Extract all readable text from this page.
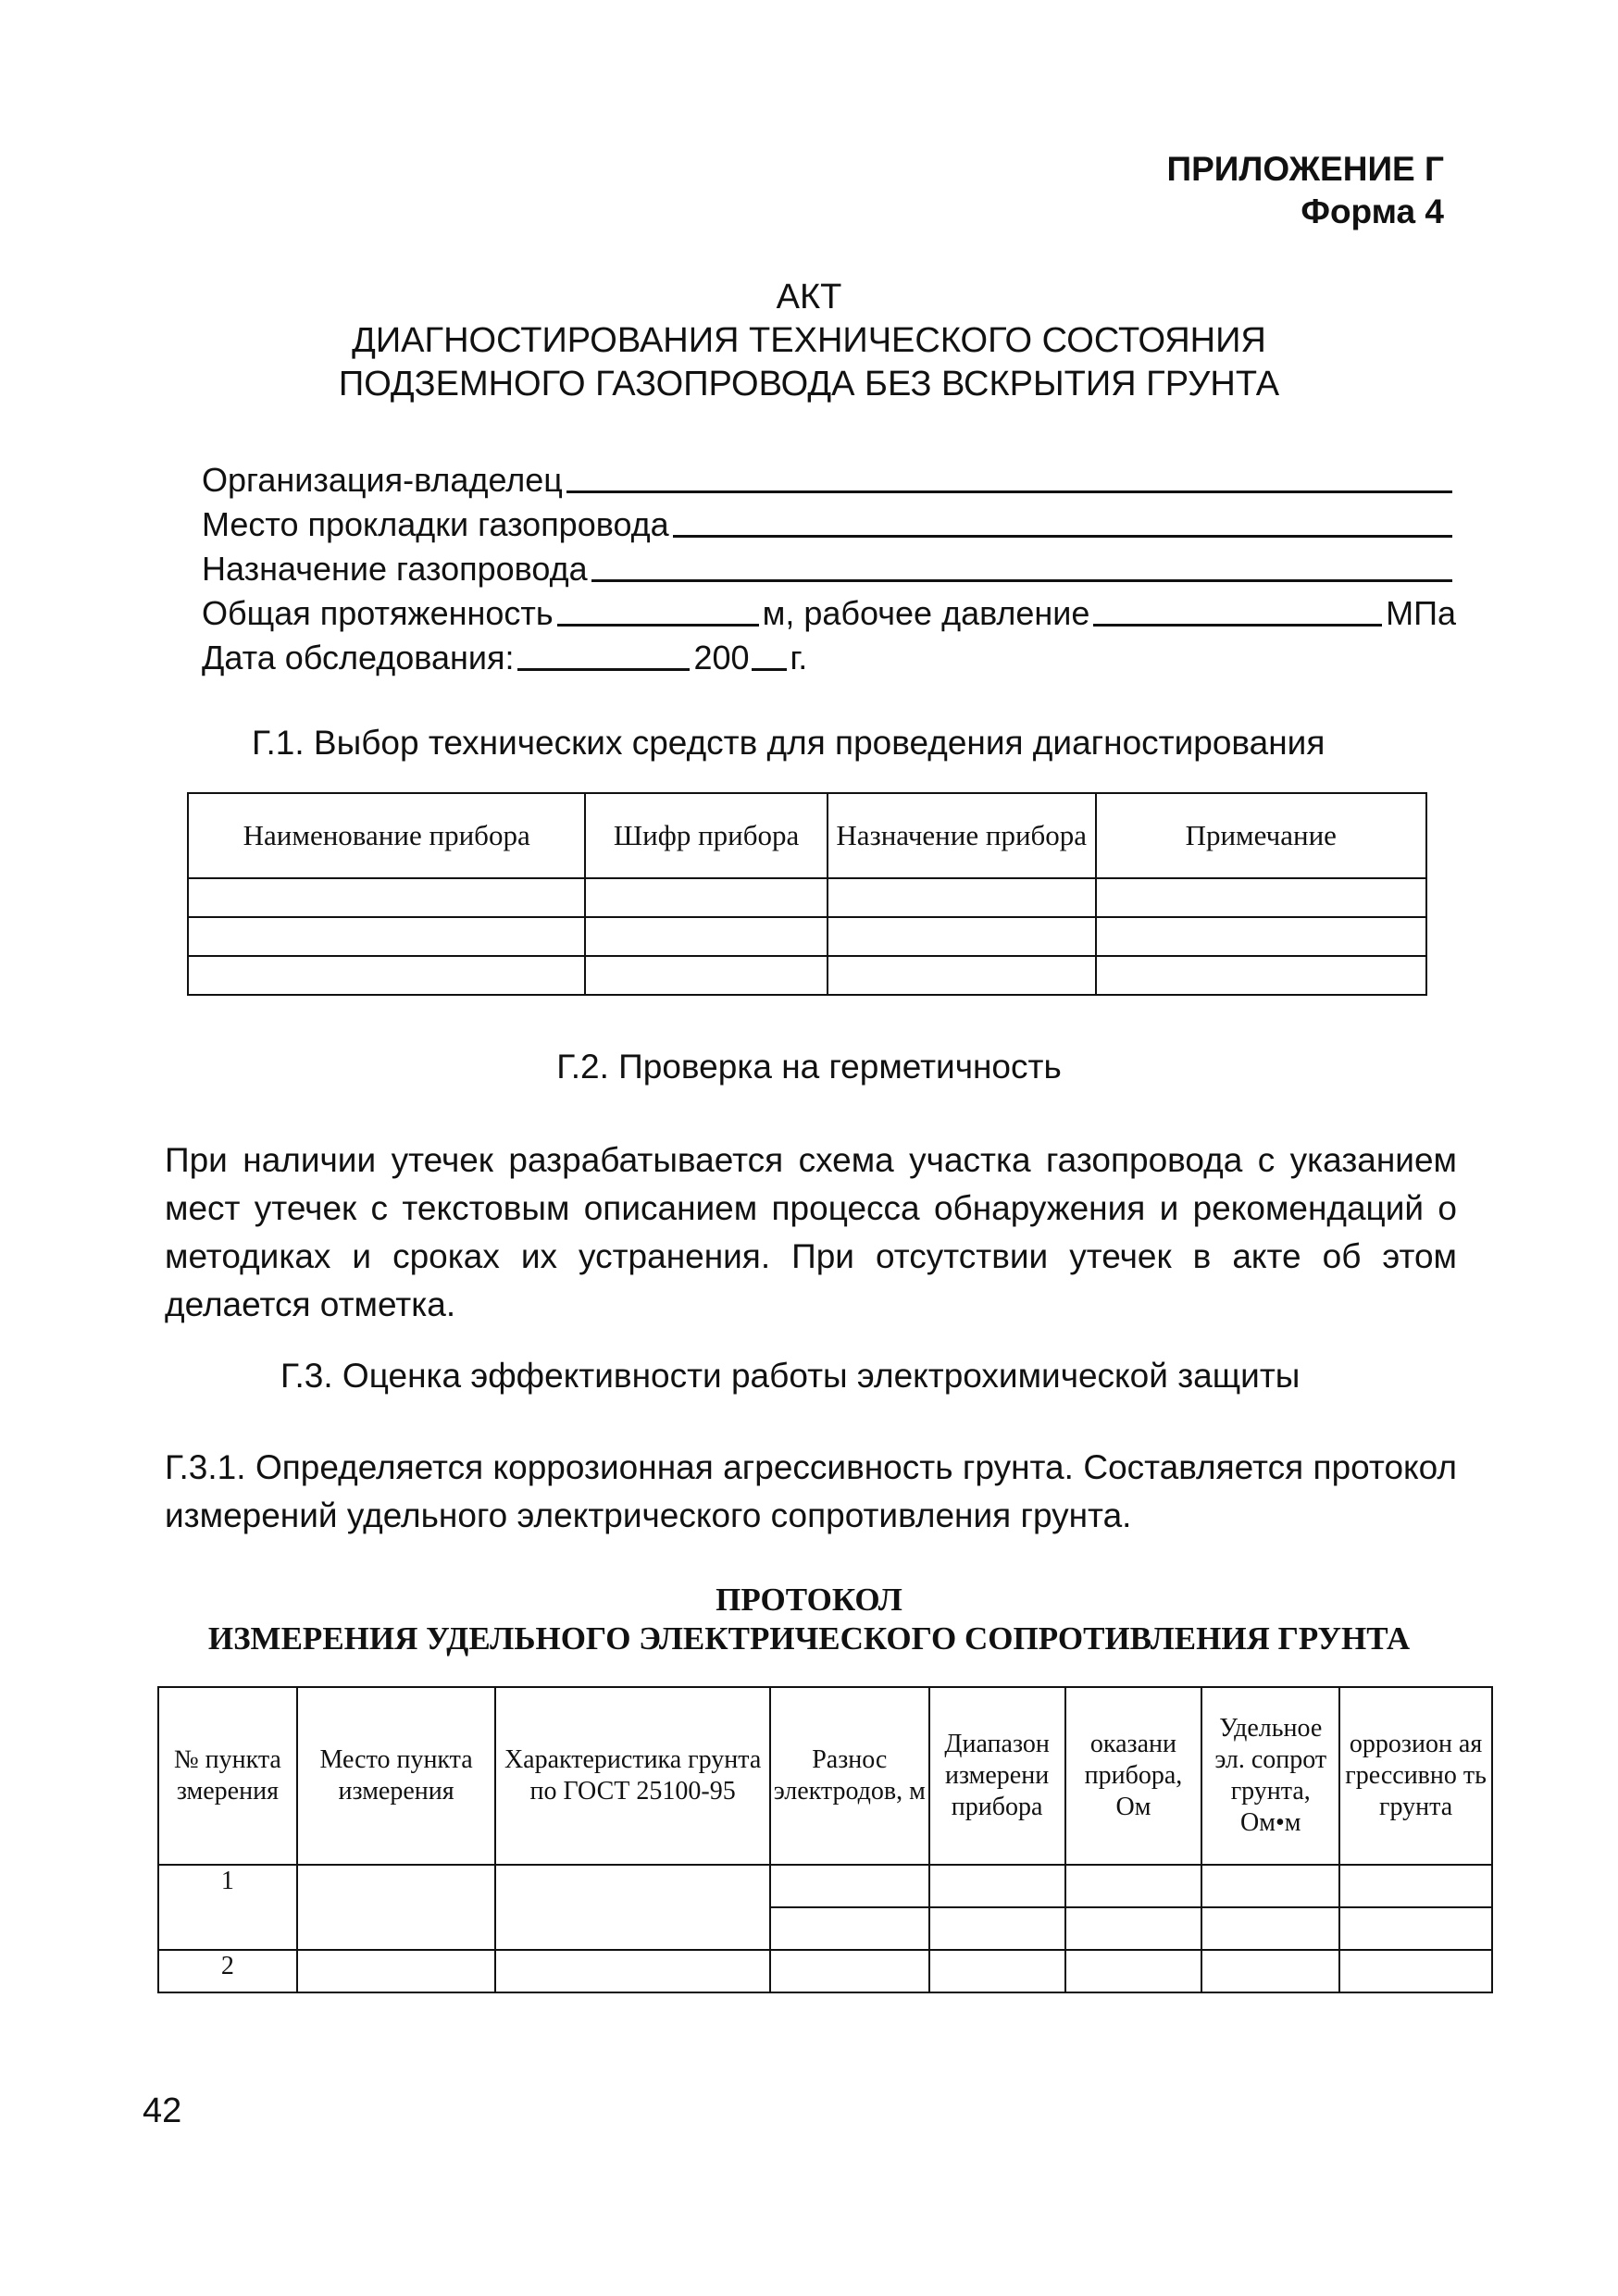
ПРИЛОЖЕНИЕ Г
Форма 4
АКТ
ДИАГНОСТИРОВАНИЯ ТЕХНИЧЕСКОГО СОСТОЯНИЯ
ПОДЗЕМНОГО ГАЗОПРОВОДА БЕЗ ВСКРЫТИЯ ГРУНТА
Организация-владелец
Место прокладки газопровода
Назначение газопровода
Общая протяженность	м, рабочее давление	МПа
Дата обследования:	200 г.
Г.1. Выбор технических средств для проведения диагностирования
Наименование прибора	Шифр прибора	Назначение прибора	Примечание

Г.2. Проверка на герметичность
При наличии утечек разрабатывается схема участка газопровода с указанием мест утечек с текстовым описанием процесса обнаружения и рекомендаций о методиках и сроках их устранения. При отсутствии утечек в акте об этом делается отметка.
Г.3. Оценка эффективности работы электрохимической защиты
Г.3.1. Определяется коррозионная агрессивность грунта. Составляется протокол измерений удельного электрического сопротивления грунта.
ПРОТОКОЛ
ИЗМЕРЕНИЯ УДЕЛЬНОГО ЭЛЕКТРИЧЕСКОГО СОПРОТИВЛЕНИЯ ГРУНТА
№ пункта змерения	Место пункта измерения	Характеристика грунта по ГОСТ 25100-95	Разнос электродов, м	Диапазон измерени прибора	оказани прибора, Ом	Удельное эл. сопрот грунта, Ом•м	оррозион ая грессивно ть грунта
1							

2							
42
